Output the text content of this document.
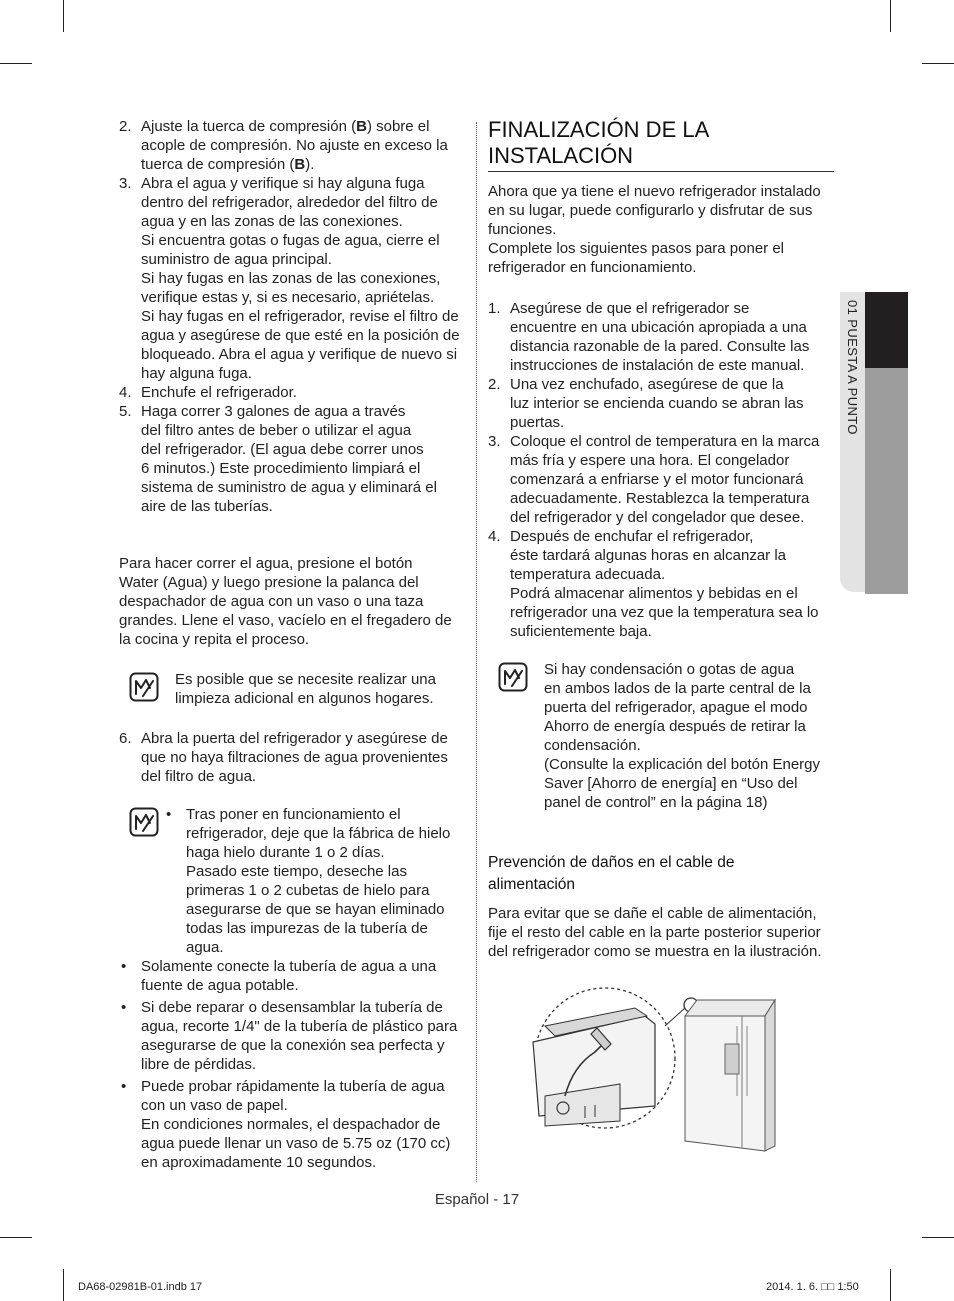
2. Ajuste la tuerca de compresión (B) sobre el
acople de compresión. No ajuste en exceso la
tuerca de compresión (B).
3. Abra el agua y verifique si hay alguna fuga
dentro del refrigerador, alrededor del filtro de
agua y en las zonas de las conexiones.
Si encuentra gotas o fugas de agua, cierre el
suministro de agua principal.
Si hay fugas en las zonas de las conexiones,
verifique estas y, si es necesario, apriételas.
Si hay fugas en el refrigerador, revise el filtro de
agua y asegúrese de que esté en la posición de
bloqueado. Abra el agua y verifique de nuevo si
hay alguna fuga.
4. Enchufe el refrigerador.
5. Haga correr 3 galones de agua a través
del filtro antes de beber o utilizar el agua
del refrigerador. (El agua debe correr unos
6 minutos.) Este procedimiento limpiará el
sistema de suministro de agua y eliminará el
aire de las tuberías.
Para hacer correr el agua, presione el botón
Water (Agua) y luego presione la palanca del
despachador de agua con un vaso o una taza
grandes. Llene el vaso, vacíelo en el fregadero de
la cocina y repita el proceso.
Es posible que se necesite realizar una
limpieza adicional en algunos hogares.
6. Abra la puerta del refrigerador y asegúrese de
que no haya filtraciones de agua provenientes
del filtro de agua.
• Tras poner en funcionamiento el
refrigerador, deje que la fábrica de hielo
haga hielo durante 1 o 2 días.
Pasado este tiempo, deseche las
primeras 1 o 2 cubetas de hielo para
asegurarse de que se hayan eliminado
todas las impurezas de la tubería de
agua.
• Solamente conecte la tubería de agua a una
fuente de agua potable.
• Si debe reparar o desensamblar la tubería de
agua, recorte 1/4" de la tubería de plástico para
asegurarse de que la conexión sea perfecta y
libre de pérdidas.
• Puede probar rápidamente la tubería de agua
con un vaso de papel.
En condiciones normales, el despachador de
agua puede llenar un vaso de 5.75 oz (170 cc)
en aproximadamente 10 segundos.
FINALIZACIÓN DE LA
INSTALACIÓN
Ahora que ya tiene el nuevo refrigerador instalado
en su lugar, puede configurarlo y disfrutar de sus
funciones.
Complete los siguientes pasos para poner el
refrigerador en funcionamiento.
1. Asegúrese de que el refrigerador se
encuentre en una ubicación apropiada a una
distancia razonable de la pared. Consulte las
instrucciones de instalación de este manual.
2. Una vez enchufado, asegúrese de que la
luz interior se encienda cuando se abran las
puertas.
3. Coloque el control de temperatura en la marca
más fría y espere una hora. El congelador
comenzará a enfriarse y el motor funcionará
adecuadamente. Restablezca la temperatura
del refrigerador y del congelador que desee.
4. Después de enchufar el refrigerador,
éste tardará algunas horas en alcanzar la
temperatura adecuada.
Podrá almacenar alimentos y bebidas en el
refrigerador una vez que la temperatura sea lo
suficientemente baja.
Si hay condensación o gotas de agua
en ambos lados de la parte central de la
puerta del refrigerador, apague el modo
Ahorro de energía después de retirar la
condensación.
(Consulte la explicación del botón Energy
Saver [Ahorro de energía] en “Uso del
panel de control” en la página 18)
Prevención de daños en el cable de
alimentación
Para evitar que se dañe el cable de alimentación,
fije el resto del cable en la parte posterior superior
del refrigerador como se muestra en la ilustración.
01 PUESTA A PUNTO
Español - 17
DA68-02981B-01.indb 17	2014. 1. 6. □□ 1:50
